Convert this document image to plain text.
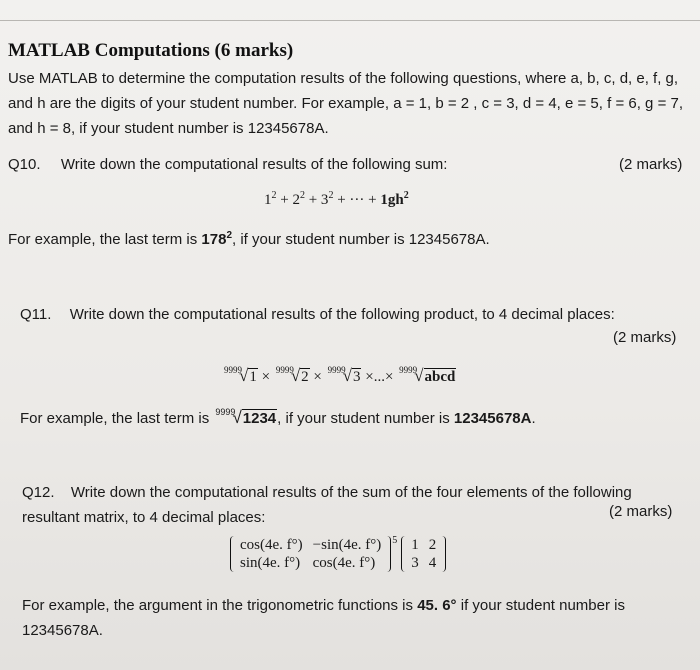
MATLAB Computations (6 marks)
Use MATLAB to determine the computation results of the following questions, where a, b, c, d, e, f, g, and h are the digits of your student number. For example, a = 1, b = 2 , c = 3, d = 4, e = 5, f = 6, g = 7, and h = 8, if your student number is 12345678A.
Q10. Write down the computational results of the following sum:	(2 marks)
$1^2 + 2^2 + 3^2$ + ··· + $1gh^2$
For example, the last term is $178^2$, if your student number is 12345678A.
Q11. Write down the computational results of the following product, to 4 decimal places:
(2 marks)
$^{9999}$√1 × $^{9999}$√2 × $^{9999}$√3 ×...× $^{9999}$√abcd
For example, the last term is $^{9999}$√1234, if your student number is 12345678A.
Q12. Write down the computational results of the sum of the four elements of the following resultant matrix, to 4 decimal places:	(2 marks)
cos(4e. f°)	−sin(4e. f°)
sin(4e. f°)	cos(4e. f°)
$^5$ 1	2
3	4
For example, the argument in the trigonometric functions is 45. 6° if your student number is 12345678A.
